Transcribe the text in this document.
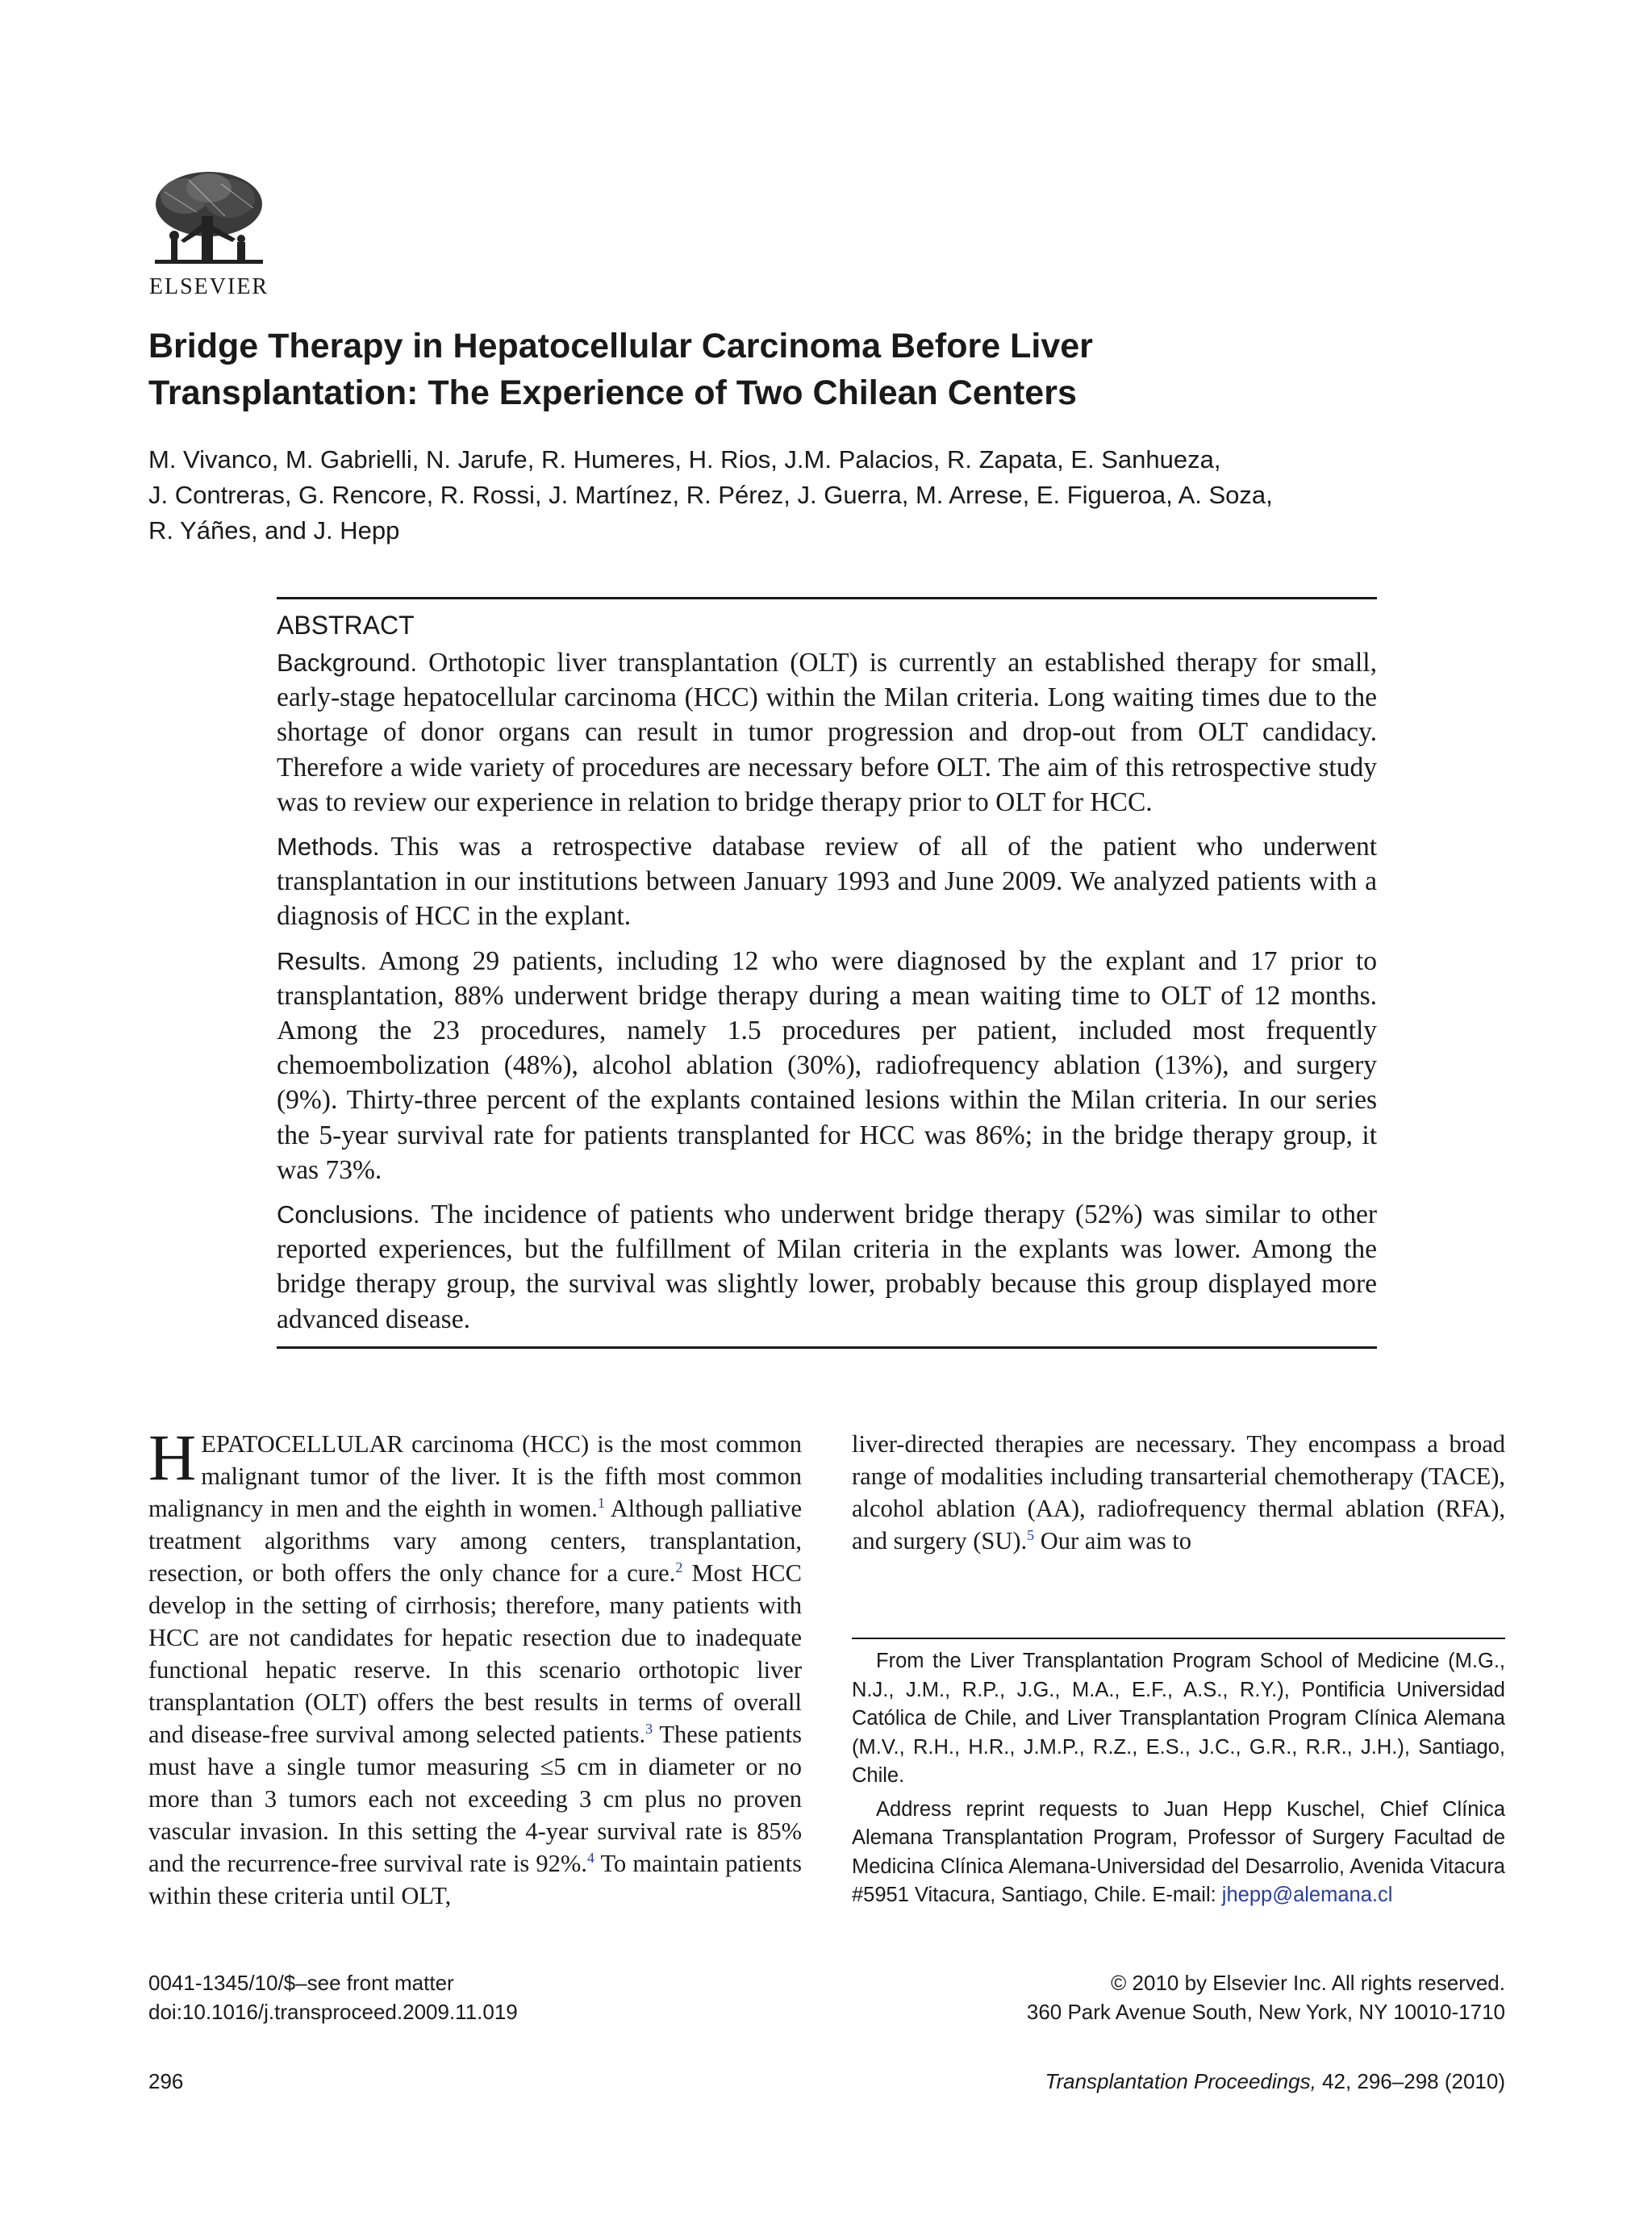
ELSEVIER
Bridge Therapy in Hepatocellular Carcinoma Before Liver
Transplantation: The Experience of Two Chilean Centers
M. Vivanco, M. Gabrielli, N. Jarufe, R. Humeres, H. Rios, J.M. Palacios, R. Zapata, E. Sanhueza,
J. Contreras, G. Rencore, R. Rossi, J. Martínez, R. Pérez, J. Guerra, M. Arrese, E. Figueroa, A. Soza,
R. Yáñes, and J. Hepp
ABSTRACT

Background. Orthotopic liver transplantation (OLT) is currently an established therapy for small, early-stage hepatocellular carcinoma (HCC) within the Milan criteria. Long waiting times due to the shortage of donor organs can result in tumor progression and drop-out from OLT candidacy. Therefore a wide variety of procedures are necessary before OLT. The aim of this retrospective study was to review our experience in relation to bridge therapy prior to OLT for HCC.

Methods. This was a retrospective database review of all of the patient who underwent transplantation in our institutions between January 1993 and June 2009. We analyzed patients with a diagnosis of HCC in the explant.

Results. Among 29 patients, including 12 who were diagnosed by the explant and 17 prior to transplantation, 88% underwent bridge therapy during a mean waiting time to OLT of 12 months. Among the 23 procedures, namely 1.5 procedures per patient, included most frequently chemoembolization (48%), alcohol ablation (30%), radiofrequency ablation (13%), and surgery (9%). Thirty-three percent of the explants contained lesions within the Milan criteria. In our series the 5-year survival rate for patients transplanted for HCC was 86%; in the bridge therapy group, it was 73%.

Conclusions. The incidence of patients who underwent bridge therapy (52%) was similar to other reported experiences, but the fulfillment of Milan criteria in the explants was lower. Among the bridge therapy group, the survival was slightly lower, probably because this group displayed more advanced disease.

HEPATOCELLULAR carcinoma (HCC) is the most common malignant tumor of the liver. It is the fifth most common malignancy in men and the eighth in women.$^1$ Although palliative treatment algorithms vary among centers, transplantation, resection, or both offers the only chance for a cure.$^2$ Most HCC develop in the setting of cirrhosis; therefore, many patients with HCC are not candidates for hepatic resection due to inadequate functional hepatic reserve. In this scenario orthotopic liver transplantation (OLT) offers the best results in terms of overall and disease-free survival among selected patients.$^3$ These patients must have a single tumor measuring ≤5 cm in diameter or no more than 3 tumors each not exceeding 3 cm plus no proven vascular invasion. In this setting the 4-year survival rate is 85% and the recurrence-free survival rate is 92%.$^4$ To maintain patients within these criteria until OLT,
liver-directed therapies are necessary. They encompass a broad range of modalities including transarterial chemotherapy (TACE), alcohol ablation (AA), radiofrequency thermal ablation (RFA), and surgery (SU).$^5$ Our aim was to

From the Liver Transplantation Program School of Medicine (M.G., N.J., J.M., R.P., J.G., M.A., E.F., A.S., R.Y.), Pontificia Universidad Católica de Chile, and Liver Transplantation Program Clínica Alemana (M.V., R.H., H.R., J.M.P., R.Z., E.S., J.C., G.R., R.R., J.H.), Santiago, Chile.

Address reprint requests to Juan Hepp Kuschel, Chief Clínica Alemana Transplantation Program, Professor of Surgery Facultad de Medicina Clínica Alemana-Universidad del Desarrolio, Avenida Vitacura #5951 Vitacura, Santiago, Chile. E-mail: jhepp@alemana.cl

0041-1345/10/$–see front matter
doi:10.1016/j.transproceed.2009.11.019
© 2010 by Elsevier Inc. All rights reserved.
360 Park Avenue South, New York, NY 10010-1710
296	Transplantation Proceedings, 42, 296–298 (2010)
